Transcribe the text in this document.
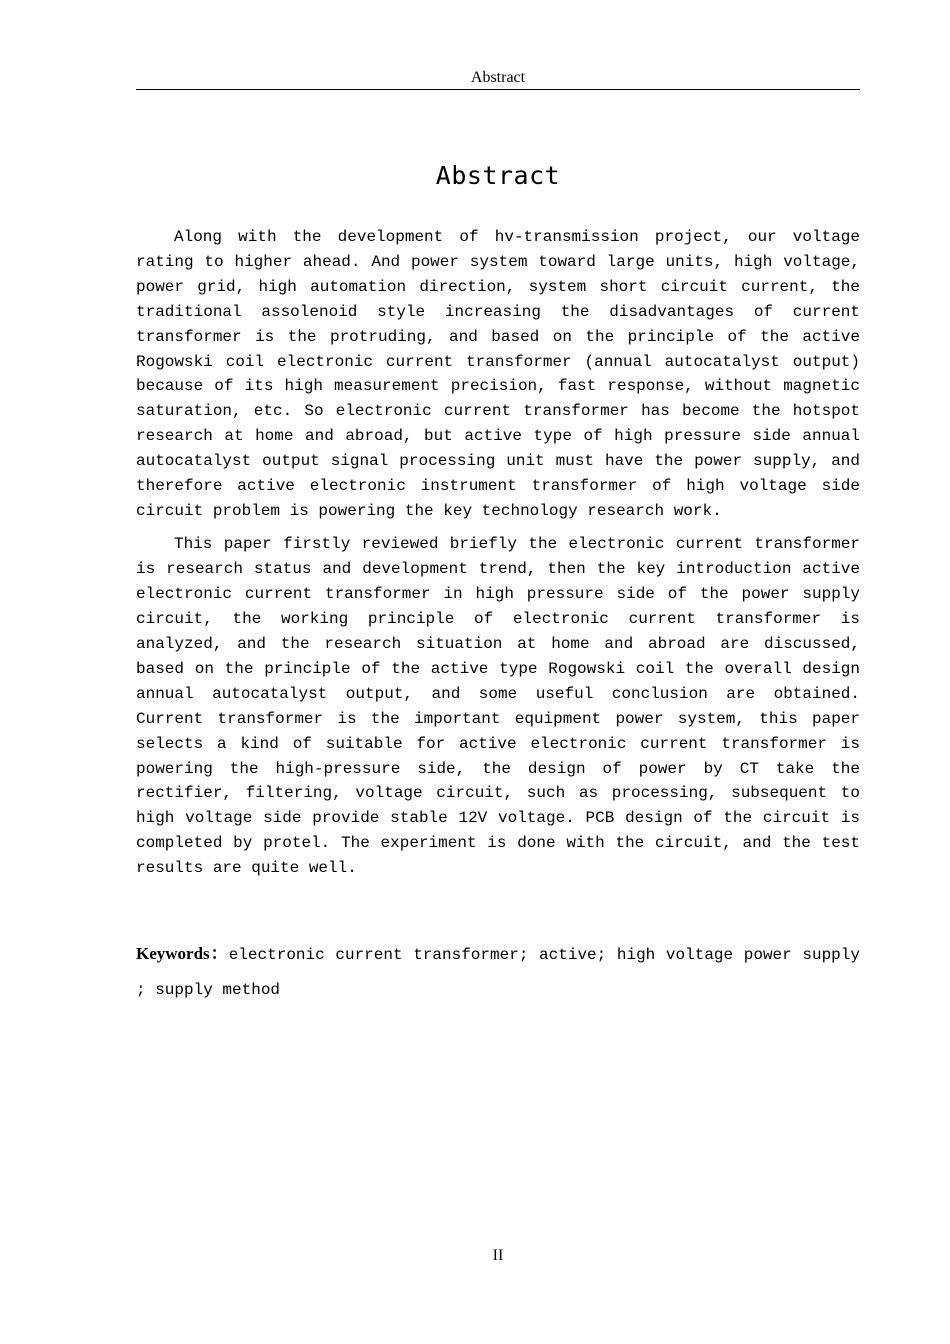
Abstract
Abstract

Along with the development of hv-transmission project, our voltage rating to higher ahead. And power system toward large units, high voltage, power grid, high automation direction, system short circuit current, the traditional assolenoid style increasing the disadvantages of current transformer is the protruding, and based on the principle of the active Rogowski coil electronic current transformer (annual autocatalyst output) because of its high measurement precision, fast response, without magnetic saturation, etc. So electronic current transformer has become the hotspot research at home and abroad, but active type of high pressure side annual autocatalyst output signal processing unit must have the power supply, and therefore active electronic instrument transformer of high voltage side circuit problem is powering the key technology research work.

This paper firstly reviewed briefly the electronic current transformer is research status and development trend, then the key introduction active electronic current transformer in high pressure side of the power supply circuit, the working principle of electronic current transformer is analyzed, and the research situation at home and abroad are discussed, based on the principle of the active type Rogowski coil the overall design annual autocatalyst output, and some useful conclusion are obtained. Current transformer is the important equipment power system, this paper selects a kind of suitable for active electronic current transformer is powering the high-pressure side, the design of power by CT take the rectifier, filtering, voltage circuit, such as processing, subsequent to high voltage side provide stable 12V voltage. PCB design of the circuit is completed by protel. The experiment is done with the circuit, and the test results are quite well.

Keywords：electronic current transformer; active; high voltage power supply ; supply method
II
